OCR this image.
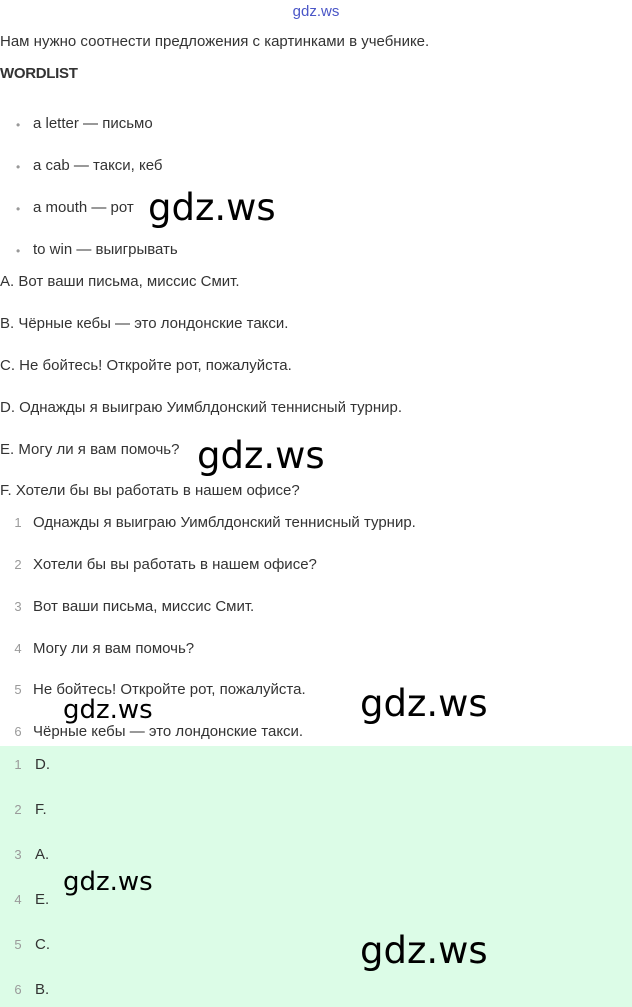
gdz.ws
Нам нужно соотнести предложения с картинками в учебнике.
WORDLIST
• a letter — письмо
• a cab — такси, кеб
• a mouth — рот
• to win — выигрывать
A. Вот ваши письма, миссис Смит.
B. Чёрные кебы — это лондонские такси.
C. Не бойтесь! Откройте рот, пожалуйста.
D. Однажды я выиграю Уимблдонский теннисный турнир.
E. Могу ли я вам помочь?
F. Хотели бы вы работать в нашем офисе?
1 Однажды я выиграю Уимблдонский теннисный турнир.
2 Хотели бы вы работать в нашем офисе?
3 Вот ваши письма, миссис Смит.
4 Могу ли я вам помочь?
5 Не бойтесь! Откройте рот, пожалуйста.
6 Чёрные кебы — это лондонские такси.
1 D.
2 F.
3 A.
4 E.
5 C.
6 B.
gdz.ws
gdz.ws
gdz.ws
gdz.ws
gdz.ws
gdz.ws
